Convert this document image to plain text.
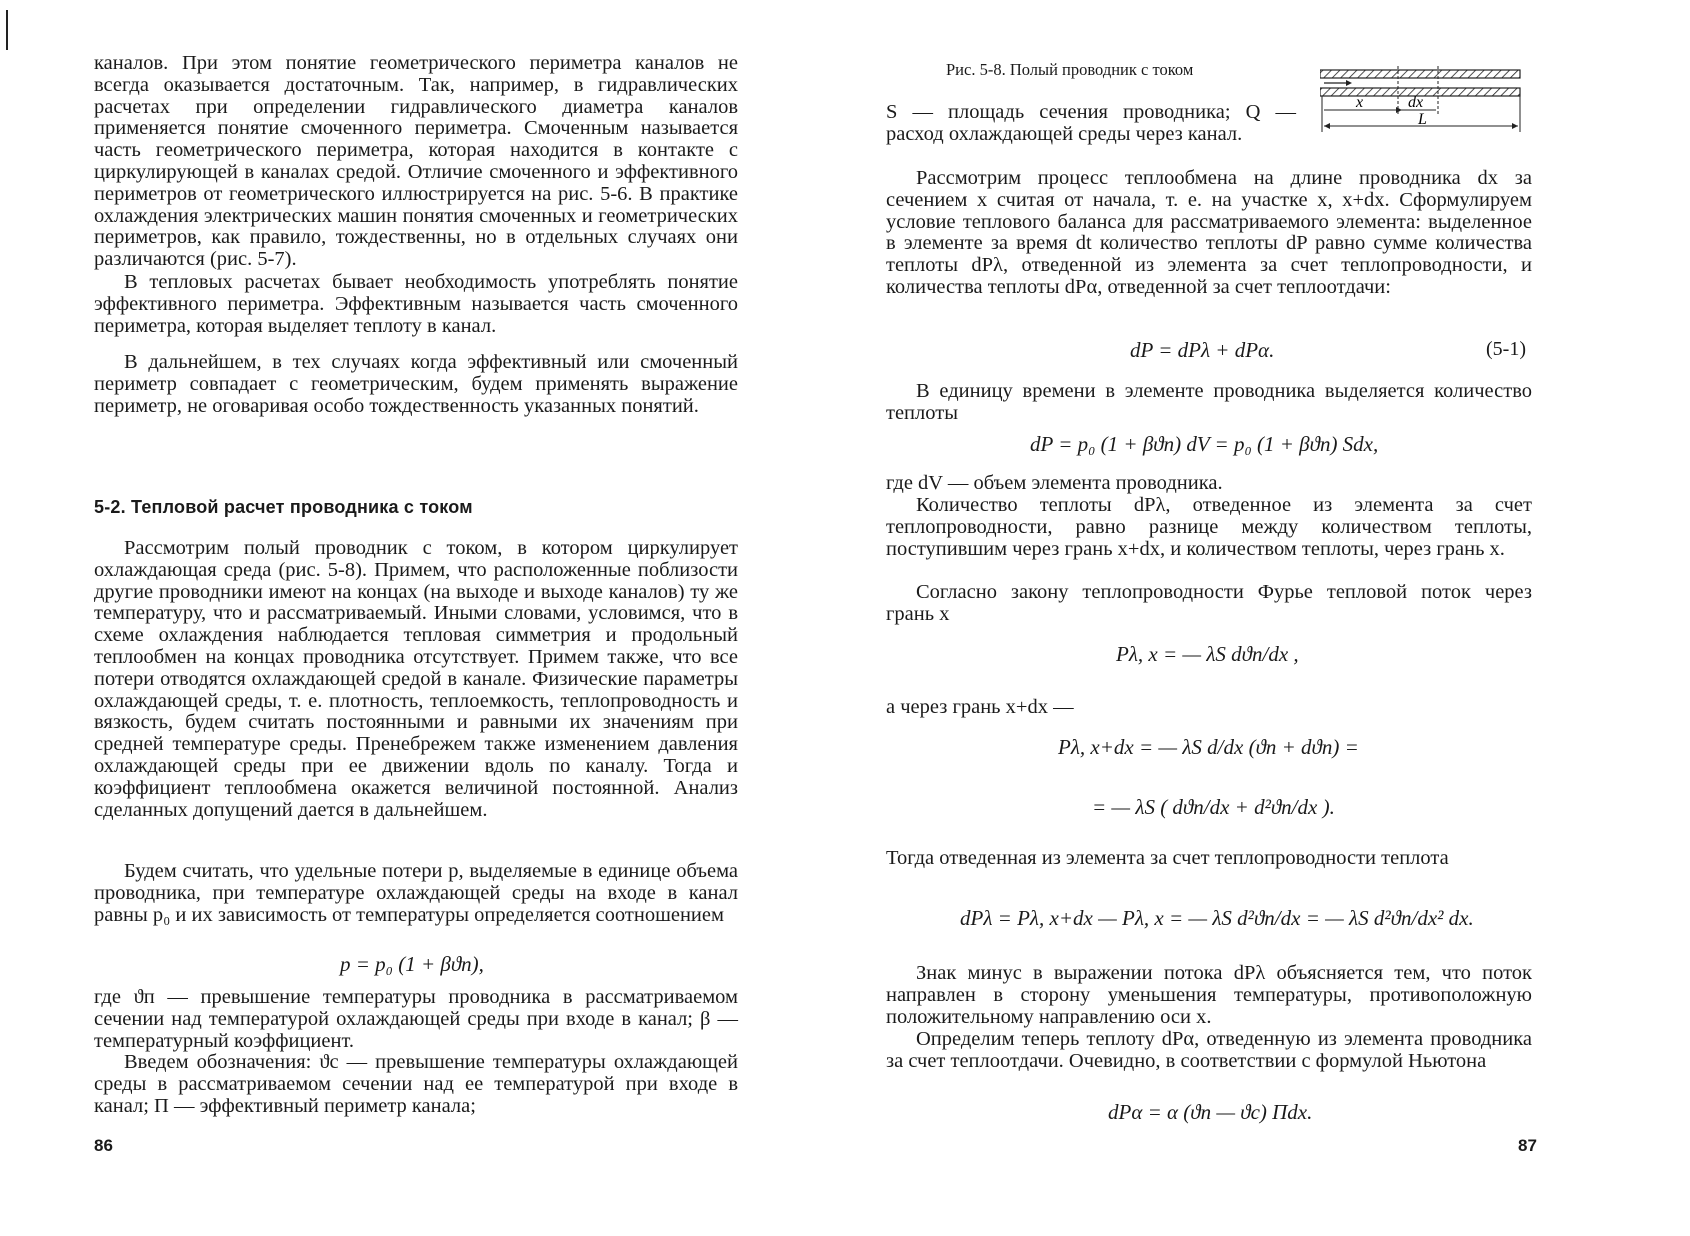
каналов. При этом понятие геометрического периметра каналов не всегда оказывается достаточным. Так, например, в гидравлических расчетах при определении гидравлического диаметра каналов применяется понятие смоченного периметра. Смоченным называется часть геометрического периметра, которая находится в контакте с циркулирующей в каналах средой. Отличие смоченного и эффективного периметров от геометрического иллюстрируется на рис. 5-6. В практике охлаждения электрических машин понятия смоченных и геометрических периметров, как правило, тождественны, но в отдельных случаях они различаются (рис. 5-7).

В тепловых расчетах бывает необходимость употреблять понятие эффективного периметра. Эффективным называется часть смоченного периметра, которая выделяет теплоту в канал.

В дальнейшем, в тех случаях когда эффективный или смоченный периметр совпадает с геометрическим, будем применять выражение периметр, не оговаривая особо тождественность указанных понятий.

5-2. Тепловой расчет проводника с током

Рассмотрим полый проводник с током, в котором циркулирует охлаждающая среда (рис. 5-8). Примем, что расположенные поблизости другие проводники имеют на концах (на выходе и выходе каналов) ту же температуру, что и рассматриваемый. Иными словами, условимся, что в схеме охлаждения наблюдается тепловая симметрия и продольный теплообмен на концах проводника отсутствует. Примем также, что все потери отводятся охлаждающей средой в канале. Физические параметры охлаждающей среды, т. е. плотность, теплоемкость, теплопроводность и вязкость, будем считать постоянными и равными их значениям при средней температуре среды. Пренебрежем также изменением давления охлаждающей среды при ее движении вдоль по каналу. Тогда и коэффициент теплообмена окажется величиной постоянной. Анализ сделанных допущений дается в дальнейшем.

Будем считать, что удельные потери p, выделяемые в единице объема проводника, при температуре охлаждающей среды на входе в канал равны p₀ и их зависимость от температуры определяется соотношением

p = p₀ (1 + βϑп),

где ϑп — превышение температуры проводника в рассматриваемом сечении над температурой охлаждающей среды при входе в канал; β — температурный коэффициент.

Введем обозначения: ϑс — превышение температуры охлаждающей среды в рассматриваемом сечении над ее температурой при входе в канал; Π — эффективный периметр канала;

86
Рис. 5-8. Полый проводник с током
x	dx
L

S — площадь сечения проводника; Q — расход охлаждающей среды через канал.

Рассмотрим процесс теплообмена на длине проводника dx за сечением x считая от начала, т. е. на участке x, x+dx. Сформулируем условие теплового баланса для рассматриваемого элемента: выделенное в элементе за время dt количество теплоты dP равно сумме количества теплоты dPλ, отведенной из элемента за счет теплопроводности, и количества теплоты dPα, отведенной за счет теплоотдачи:

dP = dPλ + dPα.	(5-1)

В единицу времени в элементе проводника выделяется количество теплоты

dP = p₀ (1 + βϑп) dV = p₀ (1 + βϑп) Sdx,

где dV — объем элемента проводника.

Количество теплоты dPλ, отведенное из элемента за счет теплопроводности, равно разнице между количеством теплоты, поступившим через грань x+dx, и количеством теплоты, через грань x.

Согласно закону теплопроводности Фурье тепловой поток через грань x

Pλ, x = — λS dϑп/dx ,

а через грань x+dx —

Pλ, x+dx = — λS d/dx (ϑп + dϑп) =
= — λS ( dϑп/dx + d²ϑп/dx ).

Тогда отведенная из элемента за счет теплопроводности теплота

dPλ = Pλ, x+dx — Pλ, x = — λS d²ϑп/dx = — λS d²ϑп/dx² dx.

Знак минус в выражении потока dPλ объясняется тем, что поток направлен в сторону уменьшения температуры, противоположную положительному направлению оси x.

Определим теперь теплоту dPα, отведенную из элемента проводника за счет теплоотдачи. Очевидно, в соответствии с формулой Ньютона

dPα = α (ϑп — ϑс) Πdx.
87
